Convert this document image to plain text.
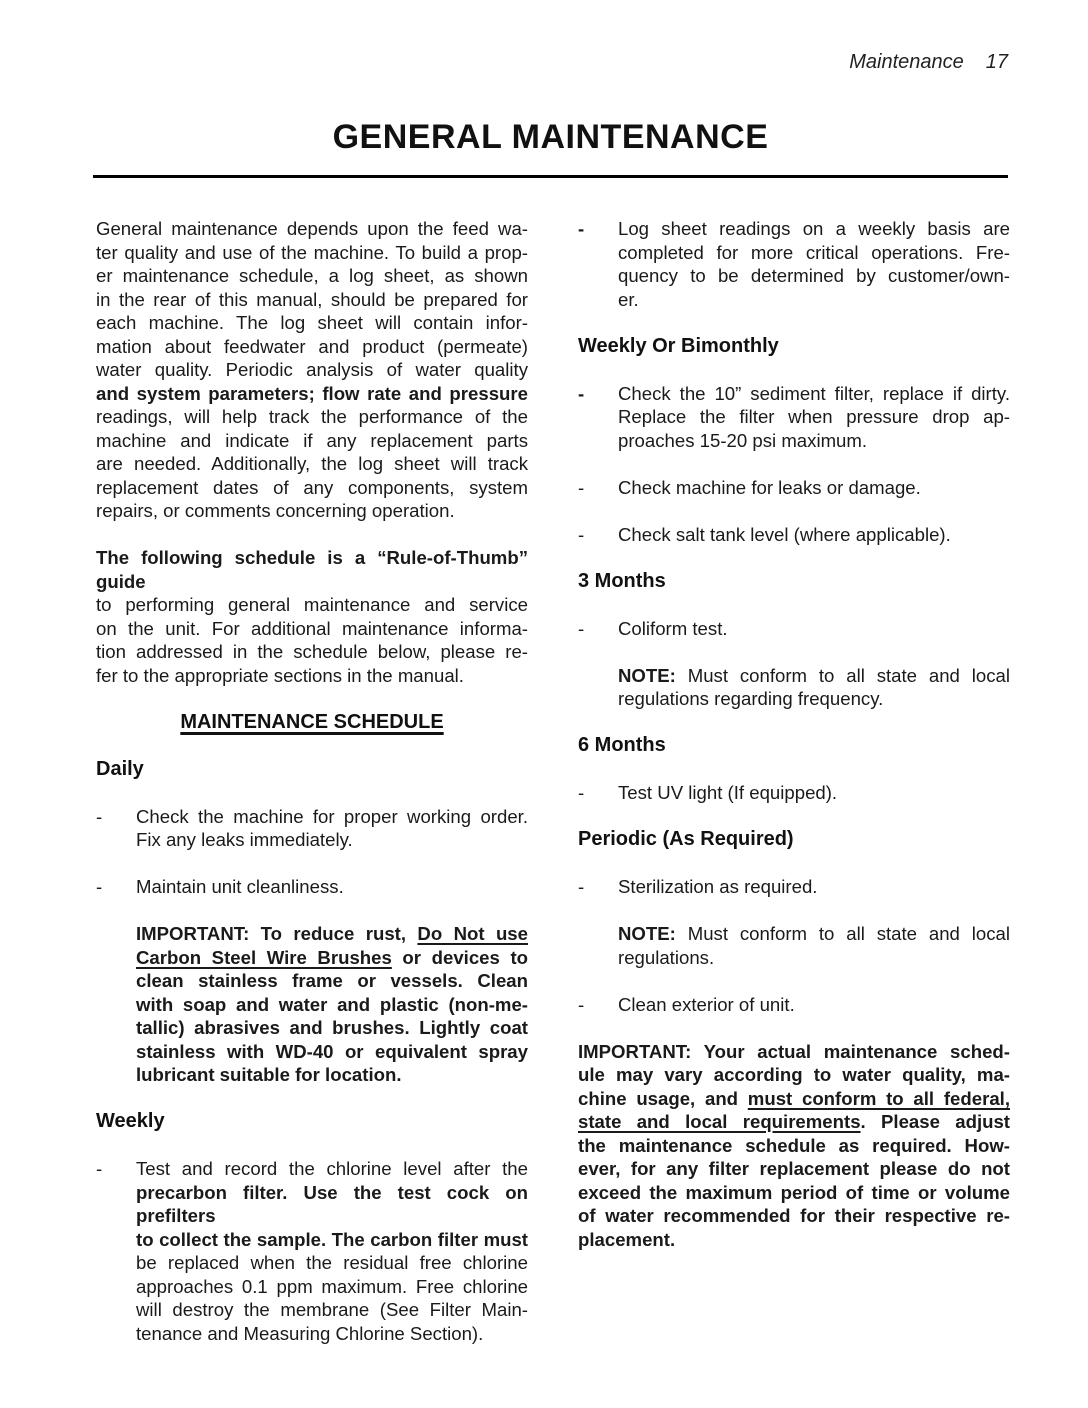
Maintenance 17
GENERAL MAINTENANCE
General maintenance depends upon the feed wa-
ter quality and use of the machine. To build a prop-
er maintenance schedule, a log sheet, as shown
in the rear of this manual, should be prepared for
each machine. The log sheet will contain infor-
mation about feedwater and product (permeate)
water quality. Periodic analysis of water quality
and system parameters; flow rate and pressure
readings, will help track the performance of the
machine and indicate if any replacement parts
are needed. Additionally, the log sheet will track
replacement dates of any components, system
repairs, or comments concerning operation.
The following schedule is a “Rule-of-Thumb” guide
to performing general maintenance and service
on the unit. For additional maintenance informa-
tion addressed in the schedule below, please re-
fer to the appropriate sections in the manual.
MAINTENANCE SCHEDULE
Daily
- Check the machine for proper working order.
Fix any leaks immediately.
- Maintain unit cleanliness.
IMPORTANT: To reduce rust, Do Not use
Carbon Steel Wire Brushes or devices to
clean stainless frame or vessels. Clean
with soap and water and plastic (non-me-
tallic) abrasives and brushes. Lightly coat
stainless with WD-40 or equivalent spray
lubricant suitable for location.
Weekly
- Test and record the chlorine level after the
precarbon filter. Use the test cock on prefilters
to collect the sample. The carbon filter must
be replaced when the residual free chlorine
approaches 0.1 ppm maximum. Free chlorine
will destroy the membrane (See Filter Main-
tenance and Measuring Chlorine Section).
- Log sheet readings on a weekly basis are
completed for more critical operations. Fre-
quency to be determined by customer/own-
er.
Weekly Or Bimonthly
- Check the 10” sediment filter, replace if dirty.
Replace the filter when pressure drop ap-
proaches 15-20 psi maximum.
- Check machine for leaks or damage.
- Check salt tank level (where applicable).
3 Months
- Coliform test.
NOTE: Must conform to all state and local
regulations regarding frequency.
6 Months
- Test UV light (If equipped).
Periodic (As Required)
- Sterilization as required.
NOTE: Must conform to all state and local
regulations.
- Clean exterior of unit.
IMPORTANT: Your actual maintenance sched-
ule may vary according to water quality, ma-
chine usage, and must conform to all federal,
state and local requirements. Please adjust
the maintenance schedule as required. How-
ever, for any filter replacement please do not
exceed the maximum period of time or volume
of water recommended for their respective re-
placement.
